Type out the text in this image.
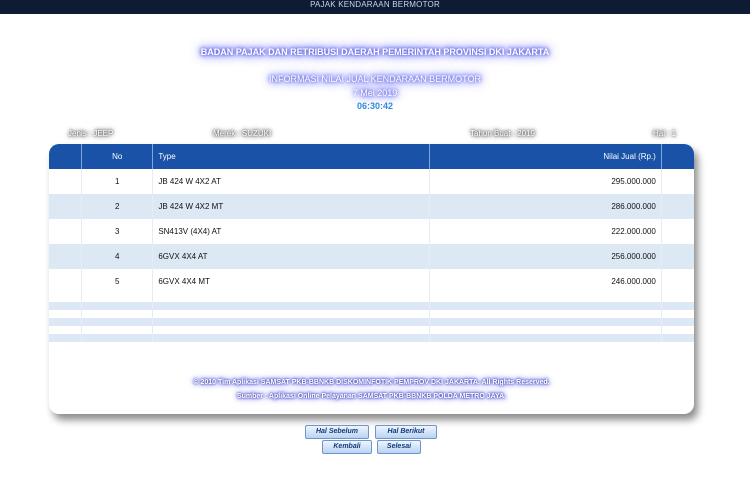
PAJAK KENDARAAN BERMOTOR
BADAN PAJAK DAN RETRIBUSI DAERAH PEMERINTAH PROVINSI DKI JAKARTA
INFORMASI NILAI JUAL KENDARAAN BERMOTOR
7 Mei 2019
06:30:42
Jenis : JEEP	Merek : SUZUKI	Tahun Buat : 2019	Hal : 1
	No	Type	Nilai Jual (Rp.)	
	1	JB 424 W 4X2 AT	295.000.000	
	2	JB 424 W 4X2 MT	286.000.000	
	3	SN413V (4X4) AT	222.000.000	
	4	6GVX 4X4 AT	256.000.000	
	5	6GVX 4X4 MT	246.000.000	

© 2010 Tim Aplikasi SAMSAT PKB-BBNKB DISKOMINFOTIK PEMPROV DKI JAKARTA. All Rights Reserved.
Sumber : Aplikasi Online Pelayanan SAMSAT PKB-BBNKB POLDA METRO JAYA.
Hal Sebelum	Hal Berikut
Kembali	Selesai
